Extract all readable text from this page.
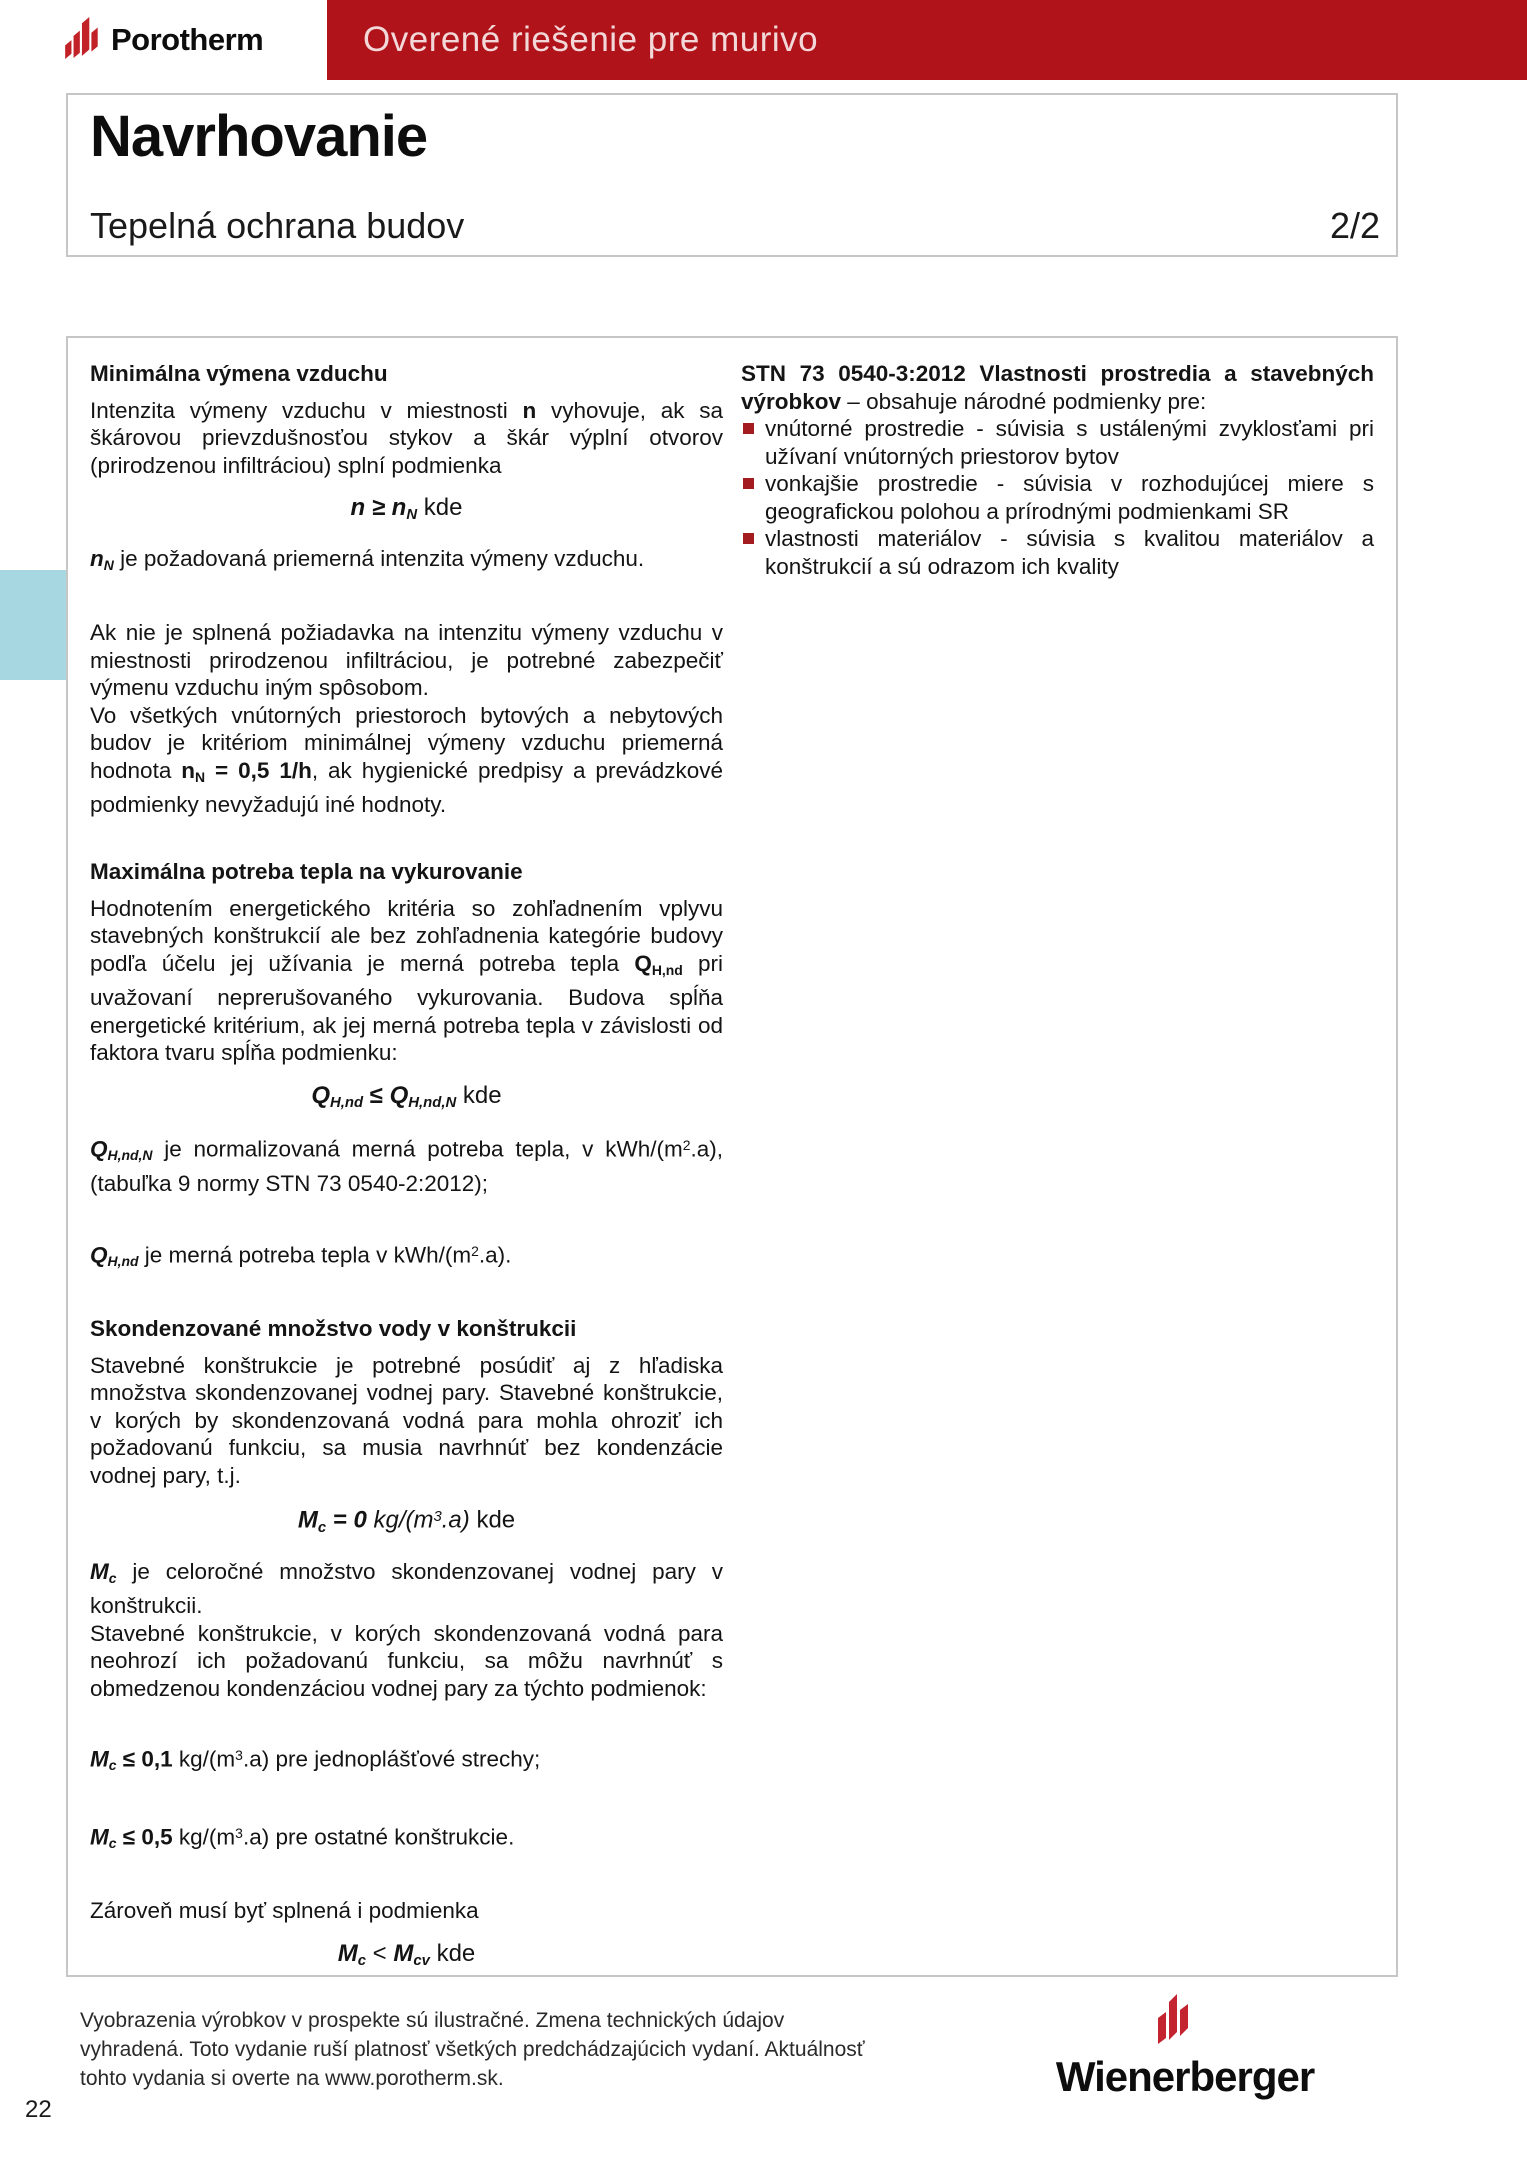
Porotherm	Overené riešenie pre murivo
Navrhovanie
Tepelná ochrana budov	2/2
Minimálna výmena vzduchu
Intenzita výmeny vzduchu v miestnosti n vyhovuje, ak sa škárovou prievzdušnosťou stykov a škár výplní otvorov (prirodzenou infiltráciou) splní podmienka
$n \ge n_N$ kde
$n_N$ je požadovaná priemerná intenzita výmeny vzduchu.
Ak nie je splnená požiadavka na intenzitu výmeny vzduchu v miestnosti prirodzenou infiltráciou, je potrebné zabezpečiť výmenu vzduchu iným spôsobom.
Vo všetkých vnútorných priestoroch bytových a nebytových budov je kritériom minimálnej výmeny vzduchu priemerná hodnota $n_N = 0,5$ 1/h, ak hygienické predpisy a prevádzkové podmienky nevyžadujú iné hodnoty.
Maximálna potreba tepla na vykurovanie
Hodnotením energetického kritéria so zohľadnením vplyvu stavebných konštrukcií ale bez zohľadnenia kategórie budovy podľa účelu jej užívania je merná potreba tepla $Q_{H,nd}$ pri uvažovaní neprerušovaného vykurovania. Budova spĺňa energetické kritérium, ak jej merná potreba tepla v závislosti od faktora tvaru spĺňa podmienku:
$Q_{H,nd} \le Q_{H,nd,N}$ kde
$Q_{H,nd,N}$ je normalizovaná merná potreba tepla, v kWh/$(m^2.a)$, (tabuľka 9 normy STN 73 0540-2:2012);
$Q_{H,nd}$ je merná potreba tepla v kWh/$(m^2.a)$.
Skondenzované množstvo vody v konštrukcii
Stavebné konštrukcie je potrebné posúdiť aj z hľadiska množstva skondenzovanej vodnej pary. Stavebné konštrukcie, v korých by skondenzovaná vodná para mohla ohroziť ich požadovanú funkciu, sa musia navrhnúť bez kondenzácie vodnej pary, t.j.
$M_c = 0$ $kg/(m^3.a)$ kde
$M_c$ je celoročné množstvo skondenzovanej vodnej pary v konštrukcii.
Stavebné konštrukcie, v korých skondenzovaná vodná para neohrozí ich požadovanú funkciu, sa môžu navrhnúť s obmedzenou kondenzáciou vodnej pary za týchto podmienok:
$M_c \le 0,1$ $kg/(m^3.a)$ pre jednoplášťové strechy;
$M_c \le 0,5$ $kg/(m^3.a)$ pre ostatné konštrukcie.
Zároveň musí byť splnená i podmienka
$M_c < M_{cv}$ kde
STN 73 0540-3:2012 Vlastnosti prostredia a stavebných výrobkov – obsahuje národné podmienky pre:
vnútorné prostredie - súvisia s ustálenými zvyklosťami pri užívaní vnútorných priestorov bytov
vonkajšie prostredie - súvisia v rozhodujúcej miere s geografickou polohou a prírodnými podmienkami SR
vlastnosti materiálov - súvisia s kvalitou materiálov a konštrukcií a sú odrazom ich kvality
Vyobrazenia výrobkov v prospekte sú ilustračné. Zmena technických údajov vyhradená. Toto vydanie ruší platnosť všetkých predchádzajúcich vydaní. Aktuálnosť tohto vydania si overte na www.porotherm.sk.	Wienerberger
22
